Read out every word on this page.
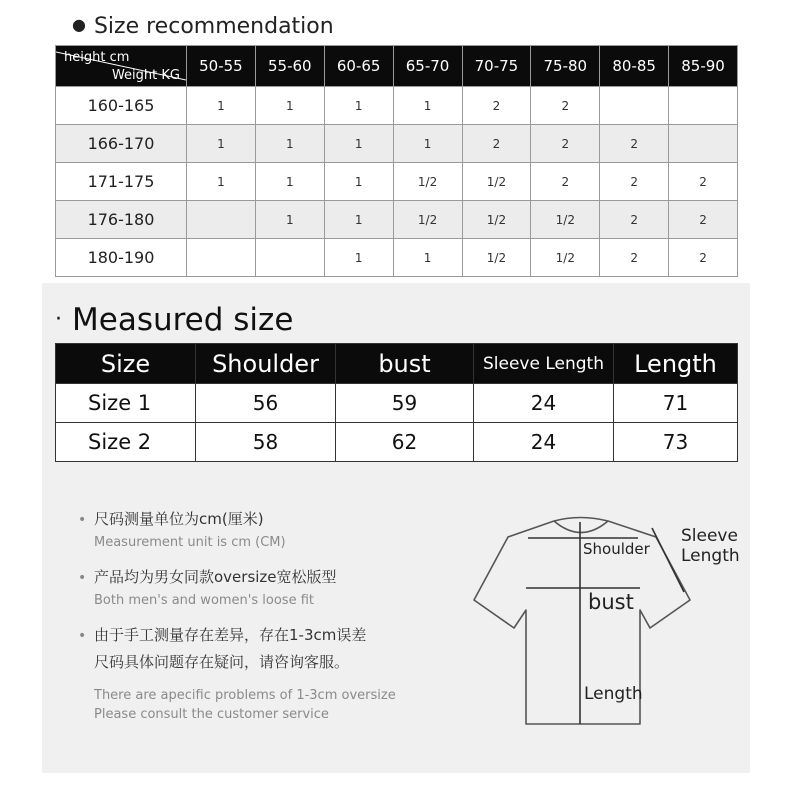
● Size recommendation
height cm
Weight KG	50-55	55-60	60-65	65-70	70-75	75-80	80-85	85-90
160-165	1	1	1	1	2	2		
166-170	1	1	1	1	2	2	2	
171-175	1	1	1	1/2	1/2	2	2	2
176-180		1	1	1/2	1/2	1/2	2	2
180-190			1	1	1/2	1/2	2	2
· Measured size
Size	Shoulder	bust	Sleeve Length	Length
Size 1	56	59	24	71
Size 2	58	62	24	73
• 尺码测量单位为cm(厘米)
Measurement unit is cm (CM)
• 产品均为男女同款oversize宽松版型
Both men's and women's loose fit
• 由于手工测量存在差异，存在1-3cm误差
尺码具体问题存在疑问，请咨询客服。
There are apecific problems of 1-3cm oversize
Please consult the customer service
Shoulder
bust
Length
Sleeve
Length
